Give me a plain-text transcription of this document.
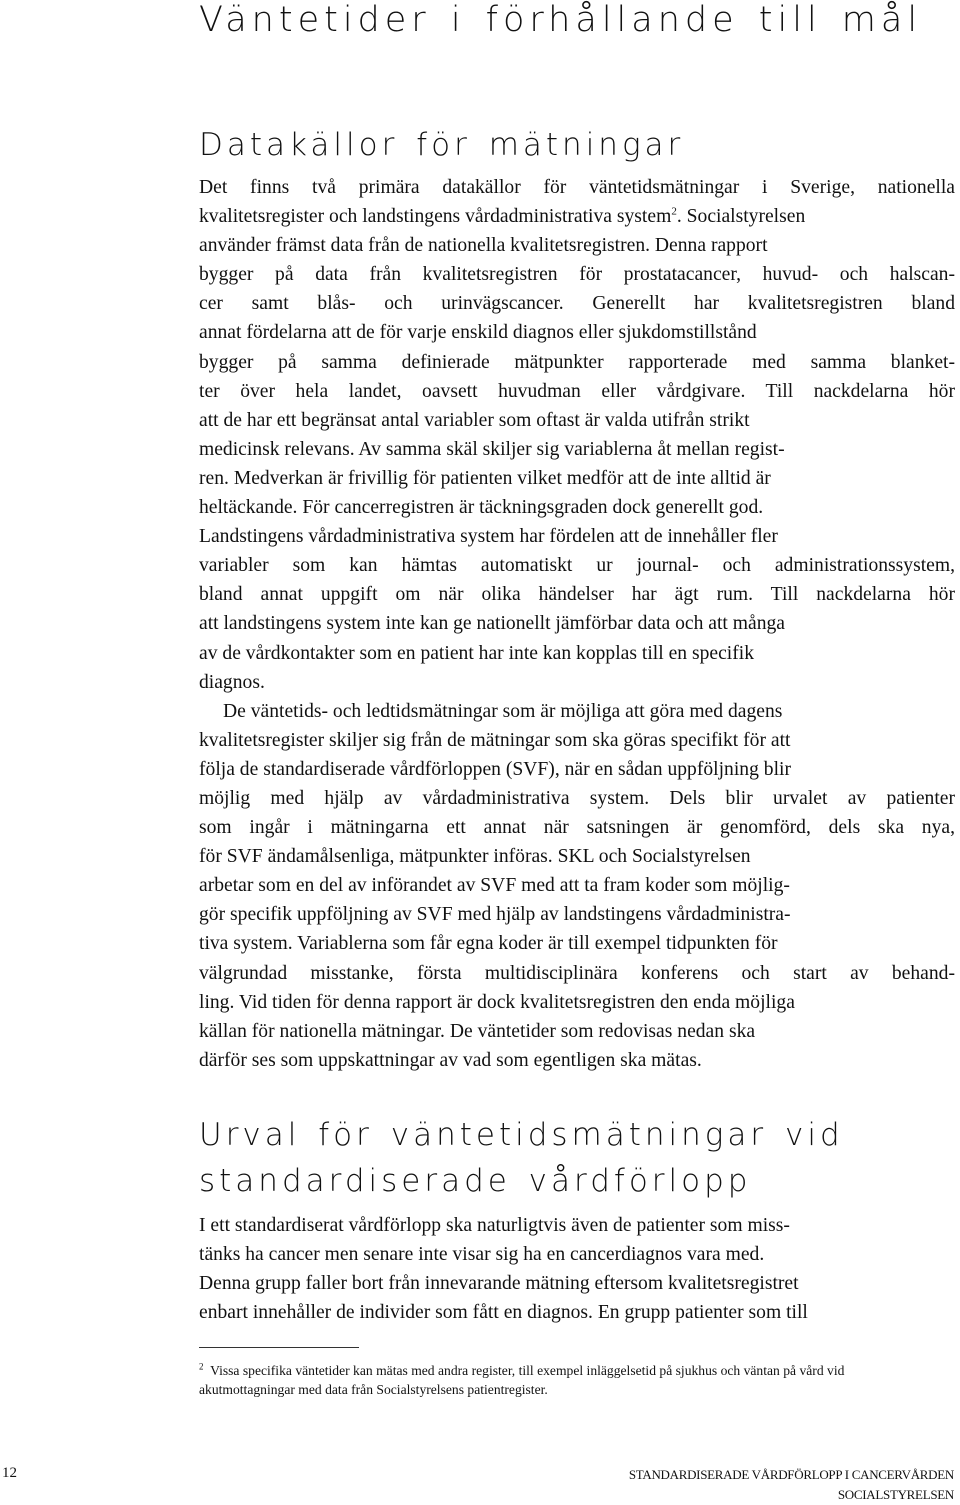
Väntetider i förhållande till mål
Datakällor för mätningar
Det finns två primära datakällor för väntetidsmätningar i Sverige, nationella
kvalitetsregister och landstingens vårdadministrativa system$^2$. Socialstyrelsen
använder främst data från de nationella kvalitetsregistren. Denna rapport
bygger på data från kvalitetsregistren för prostatacancer, huvud- och halscan-
cer samt blås- och urinvägscancer. Generellt har kvalitetsregistren bland
annat fördelarna att de för varje enskild diagnos eller sjukdomstillstånd
bygger på samma definierade mätpunkter rapporterade med samma blanket-
ter över hela landet, oavsett huvudman eller vårdgivare. Till nackdelarna hör
att de har ett begränsat antal variabler som oftast är valda utifrån strikt
medicinsk relevans. Av samma skäl skiljer sig variablerna åt mellan regist-
ren. Medverkan är frivillig för patienten vilket medför att de inte alltid är
heltäckande. För cancerregistren är täckningsgraden dock generellt god.
Landstingens vårdadministrativa system har fördelen att de innehåller fler
variabler som kan hämtas automatiskt ur journal- och administrationssystem,
bland annat uppgift om när olika händelser har ägt rum. Till nackdelarna hör
att landstingens system inte kan ge nationellt jämförbar data och att många
av de vårdkontakter som en patient har inte kan kopplas till en specifik
diagnos.
De väntetids- och ledtidsmätningar som är möjliga att göra med dagens
kvalitetsregister skiljer sig från de mätningar som ska göras specifikt för att
följa de standardiserade vårdförloppen (SVF), när en sådan uppföljning blir
möjlig med hjälp av vårdadministrativa system. Dels blir urvalet av patienter
som ingår i mätningarna ett annat när satsningen är genomförd, dels ska nya,
för SVF ändamålsenliga, mätpunkter införas. SKL och Socialstyrelsen
arbetar som en del av införandet av SVF med att ta fram koder som möjlig-
gör specifik uppföljning av SVF med hjälp av landstingens vårdadministra-
tiva system. Variablerna som får egna koder är till exempel tidpunkten för
välgrundad misstanke, första multidisciplinära konferens och start av behand-
ling. Vid tiden för denna rapport är dock kvalitetsregistren den enda möjliga
källan för nationella mätningar. De väntetider som redovisas nedan ska
därför ses som uppskattningar av vad som egentligen ska mätas.
Urval för väntetidsmätningar vid
standardiserade vårdförlopp
I ett standardiserat vårdförlopp ska naturligtvis även de patienter som miss-
tänks ha cancer men senare inte visar sig ha en cancerdiagnos vara med.
Denna grupp faller bort från innevarande mätning eftersom kvalitetsregistret
enbart innehåller de individer som fått en diagnos. En grupp patienter som till
$^2$ Vissa specifika väntetider kan mätas med andra register, till exempel inläggelsetid på sjukhus och väntan på vård vid
akutmottagningar med data från Socialstyrelsens patientregister.
12	STANDARDISERADE VÅRDFÖRLOPP I CANCERVÅRDEN
SOCIALSTYRELSEN
